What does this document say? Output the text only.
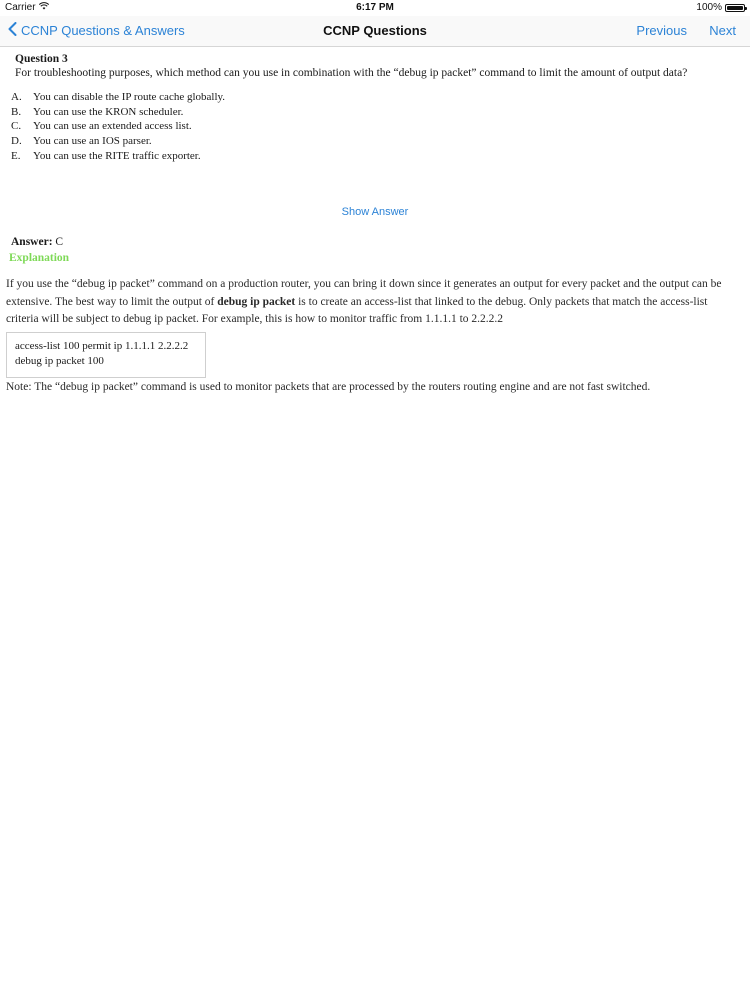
Carrier	6:17 PM	100%
CCNP Questions & Answers	CCNP Questions	Previous Next
Question 3
For troubleshooting purposes, which method can you use in combination with the “debug ip packet” command to limit the amount of output data?
A.	You can disable the IP route cache globally.
B.	You can use the KRON scheduler.
C.	You can use an extended access list.
D.	You can use an IOS parser.
E.	You can use the RITE traffic exporter.
Show Answer
Answer: C
Explanation
If you use the “debug ip packet” command on a production router, you can bring it down since it generates an output for every packet and the output can be extensive. The best way to limit the output of debug ip packet is to create an access-list that linked to the debug. Only packets that match the access-list criteria will be subject to debug ip packet. For example, this is how to monitor traffic from 1.1.1.1 to 2.2.2.2
access-list 100 permit ip 1.1.1.1 2.2.2.2
debug ip packet 100
Note: The “debug ip packet” command is used to monitor packets that are processed by the routers routing engine and are not fast switched.
